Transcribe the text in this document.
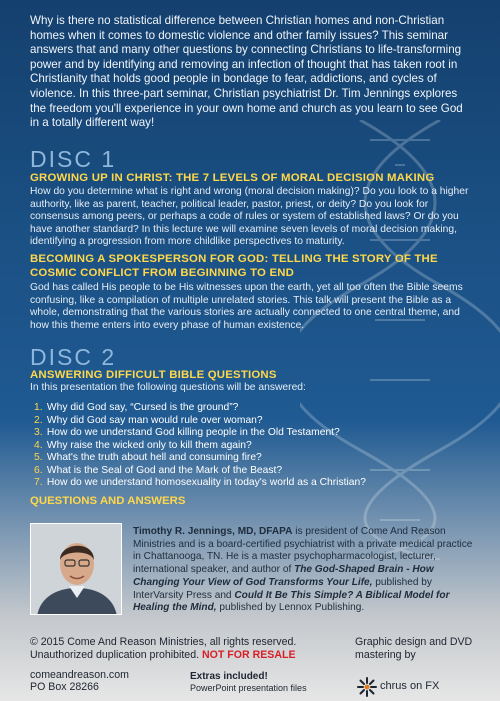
Why is there no statistical difference between Christian homes and non-Christian homes when it comes to domestic violence and other family issues? This seminar answers that and many other questions by connecting Christians to life-transforming power and by identifying and removing an infection of thought that has taken root in Christianity that holds good people in bondage to fear, addictions, and cycles of violence. In this three-part seminar, Christian psychiatrist Dr. Tim Jennings explores the freedom you'll experience in your own home and church as you learn to see God in a totally different way!

DISC 1
GROWING UP IN CHRIST: THE 7 LEVELS OF MORAL DECISION MAKING

How do you determine what is right and wrong (moral decision making)? Do you look to a higher authority, like as parent, teacher, political leader, pastor, priest, or deity? Do you look for consensus among peers, or perhaps a code of rules or system of established laws? Or do you have another standard? In this lecture we will examine seven levels of moral decision making, identifying a progression from more childlike perspectives to maturity.

BECOMING A SPOKESPERSON FOR GOD: TELLING THE STORY OF THE COSMIC CONFLICT FROM BEGINNING TO END

God has called His people to be His witnesses upon the earth, yet all too often the Bible seems confusing, like a compilation of multiple unrelated stories. This talk will present the Bible as a whole, demonstrating that the various stories are actually connected to one central theme, and how this theme enters into every phase of human existence.

DISC 2
ANSWERING DIFFICULT BIBLE QUESTIONS

In this presentation the following questions will be answered:

1. Why did God say, “Cursed is the ground”?
2. Why did God say man would rule over woman?
3. How do we understand God killing people in the Old Testament?
4. Why raise the wicked only to kill them again?
5. What's the truth about hell and consuming fire?
6. What is the Seal of God and the Mark of the Beast?
7. How do we understand homosexuality in today's world as a Christian?
QUESTIONS AND ANSWERS

Timothy R. Jennings, MD, DFAPA is president of Come And Reason Ministries and is a board-certified psychiatrist with a private medical practice in Chattanooga, TN. He is a master psychopharmacologist, lecturer, international speaker, and author of The God-Shaped Brain - How Changing Your View of God Transforms Your Life, published by InterVarsity Press and Could It Be This Simple? A Biblical Model for Healing the Mind, published by Lennox Publishing.

© 2015 Come And Reason Ministries, all rights reserved.
Unauthorized duplication prohibited. NOT FOR RESALE
Graphic design and DVD mastering by
comeandreason.com
PO Box 28266
Extras included!
PowerPoint presentation files	chrus on FX
